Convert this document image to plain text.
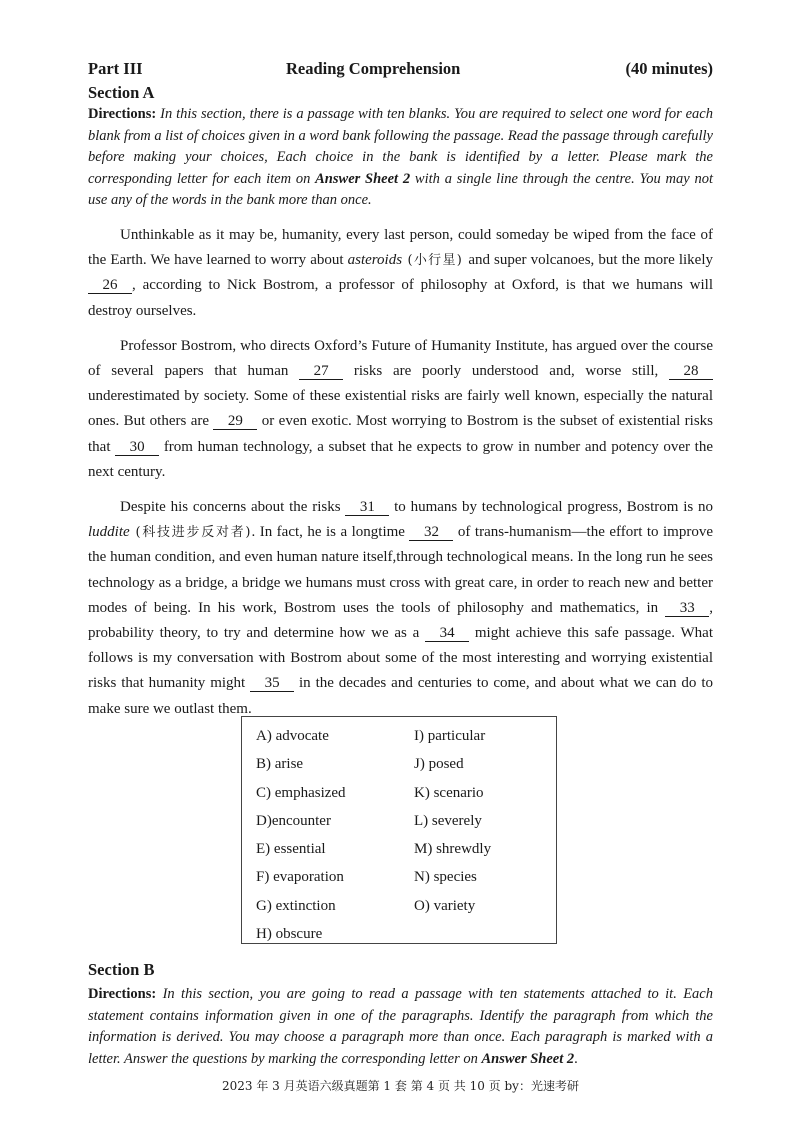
Part III	Reading Comprehension	(40 minutes)
Section A

Directions: In this section, there is a passage with ten blanks. You are required to select one word for each blank from a list of choices given in a word bank following the passage. Read the passage through carefully before making your choices, Each choice in the bank is identified by a letter. Please mark the corresponding letter for each item on Answer Sheet 2 with a single line through the centre. You may not use any of the words in the bank more than once.

Unthinkable as it may be, humanity, every last person, could someday be wiped from the face of the Earth. We have learned to worry about asteroids (小行星) and super volcanoes, but the more likely 26 , according to Nick Bostrom, a professor of philosophy at Oxford, is that we humans will destroy ourselves.

Professor Bostrom, who directs Oxford’s Future of Humanity Institute, has argued over the course of several papers that human 27 risks are poorly understood and, worse still, 28 underestimated by society. Some of these existential risks are fairly well known, especially the natural ones. But others are 29 or even exotic. Most worrying to Bostrom is the subset of existential risks that 30 from human technology, a subset that he expects to grow in number and potency over the next century.

Despite his concerns about the risks 31 to humans by technological progress, Bostrom is no luddite (科技进步反对者). In fact, he is a longtime 32 of trans-humanism—the effort to improve the human condition, and even human nature itself,through technological means. In the long run he sees technology as a bridge, a bridge we humans must cross with great care, in order to reach new and better modes of being. In his work, Bostrom uses the tools of philosophy and mathematics, in 33 , probability theory, to try and determine how we as a 34 might achieve this safe passage. What follows is my conversation with Bostrom about some of the most interesting and worrying existential risks that humanity might 35 in the decades and centuries to come, and about what we can do to make sure we outlast them.

A) advocate
B) arise
C) emphasized
D)encounter
E) essential
F) evaporation
G) extinction
H) obscure
I) particular
J) posed
K) scenario
L) severely
M) shrewdly
N) species
O) variety
Section B

Directions: In this section, you are going to read a passage with ten statements attached to it. Each statement contains information given in one of the paragraphs. Identify the paragraph from which the information is derived. You may choose a paragraph more than once. Each paragraph is marked with a letter. Answer the questions by marking the corresponding letter on Answer Sheet 2.

2023 年 3 月英语六级真题第 1 套 第 4 页 共 10 页 by：光速考研
